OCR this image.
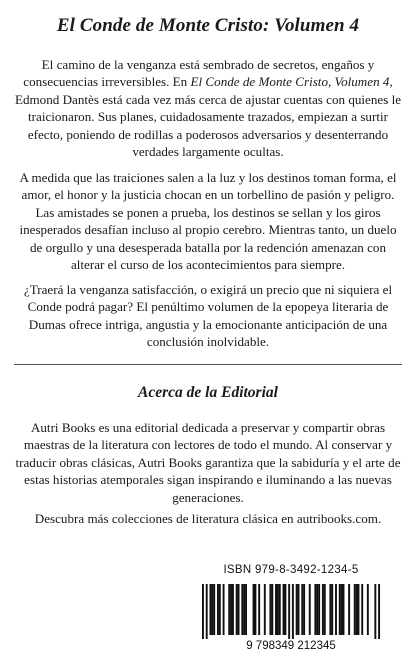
El Conde de Monte Cristo: Volumen 4

El camino de la venganza está sembrado de secretos, engaños y consecuencias irreversibles. En El Conde de Monte Cristo, Volumen 4, Edmond Dantès está cada vez más cerca de ajustar cuentas con quienes le traicionaron. Sus planes, cuidadosamente trazados, empiezan a surtir efecto, poniendo de rodillas a poderosos adversarios y desenterrando verdades largamente ocultas.

A medida que las traiciones salen a la luz y los destinos toman forma, el amor, el honor y la justicia chocan en un torbellino de pasión y peligro. Las amistades se ponen a prueba, los destinos se sellan y los giros inesperados desafían incluso al propio cerebro. Mientras tanto, un duelo de orgullo y una desesperada batalla por la redención amenazan con alterar el curso de los acontecimientos para siempre.

¿Traerá la venganza satisfacción, o exigirá un precio que ni siquiera el Conde podrá pagar? El penúltimo volumen de la epopeya literaria de Dumas ofrece intriga, angustia y la emocionante anticipación de una conclusión inolvidable.

Acerca de la Editorial

Autri Books es una editorial dedicada a preservar y compartir obras maestras de la literatura con lectores de todo el mundo. Al conservar y traducir obras clásicas, Autri Books garantiza que la sabiduría y el arte de estas historias atemporales sigan inspirando e iluminando a las nuevas generaciones.

Descubra más colecciones de literatura clásica en autribooks.com.

ISBN 979-8-3492-1234-5
9 798349 212345
